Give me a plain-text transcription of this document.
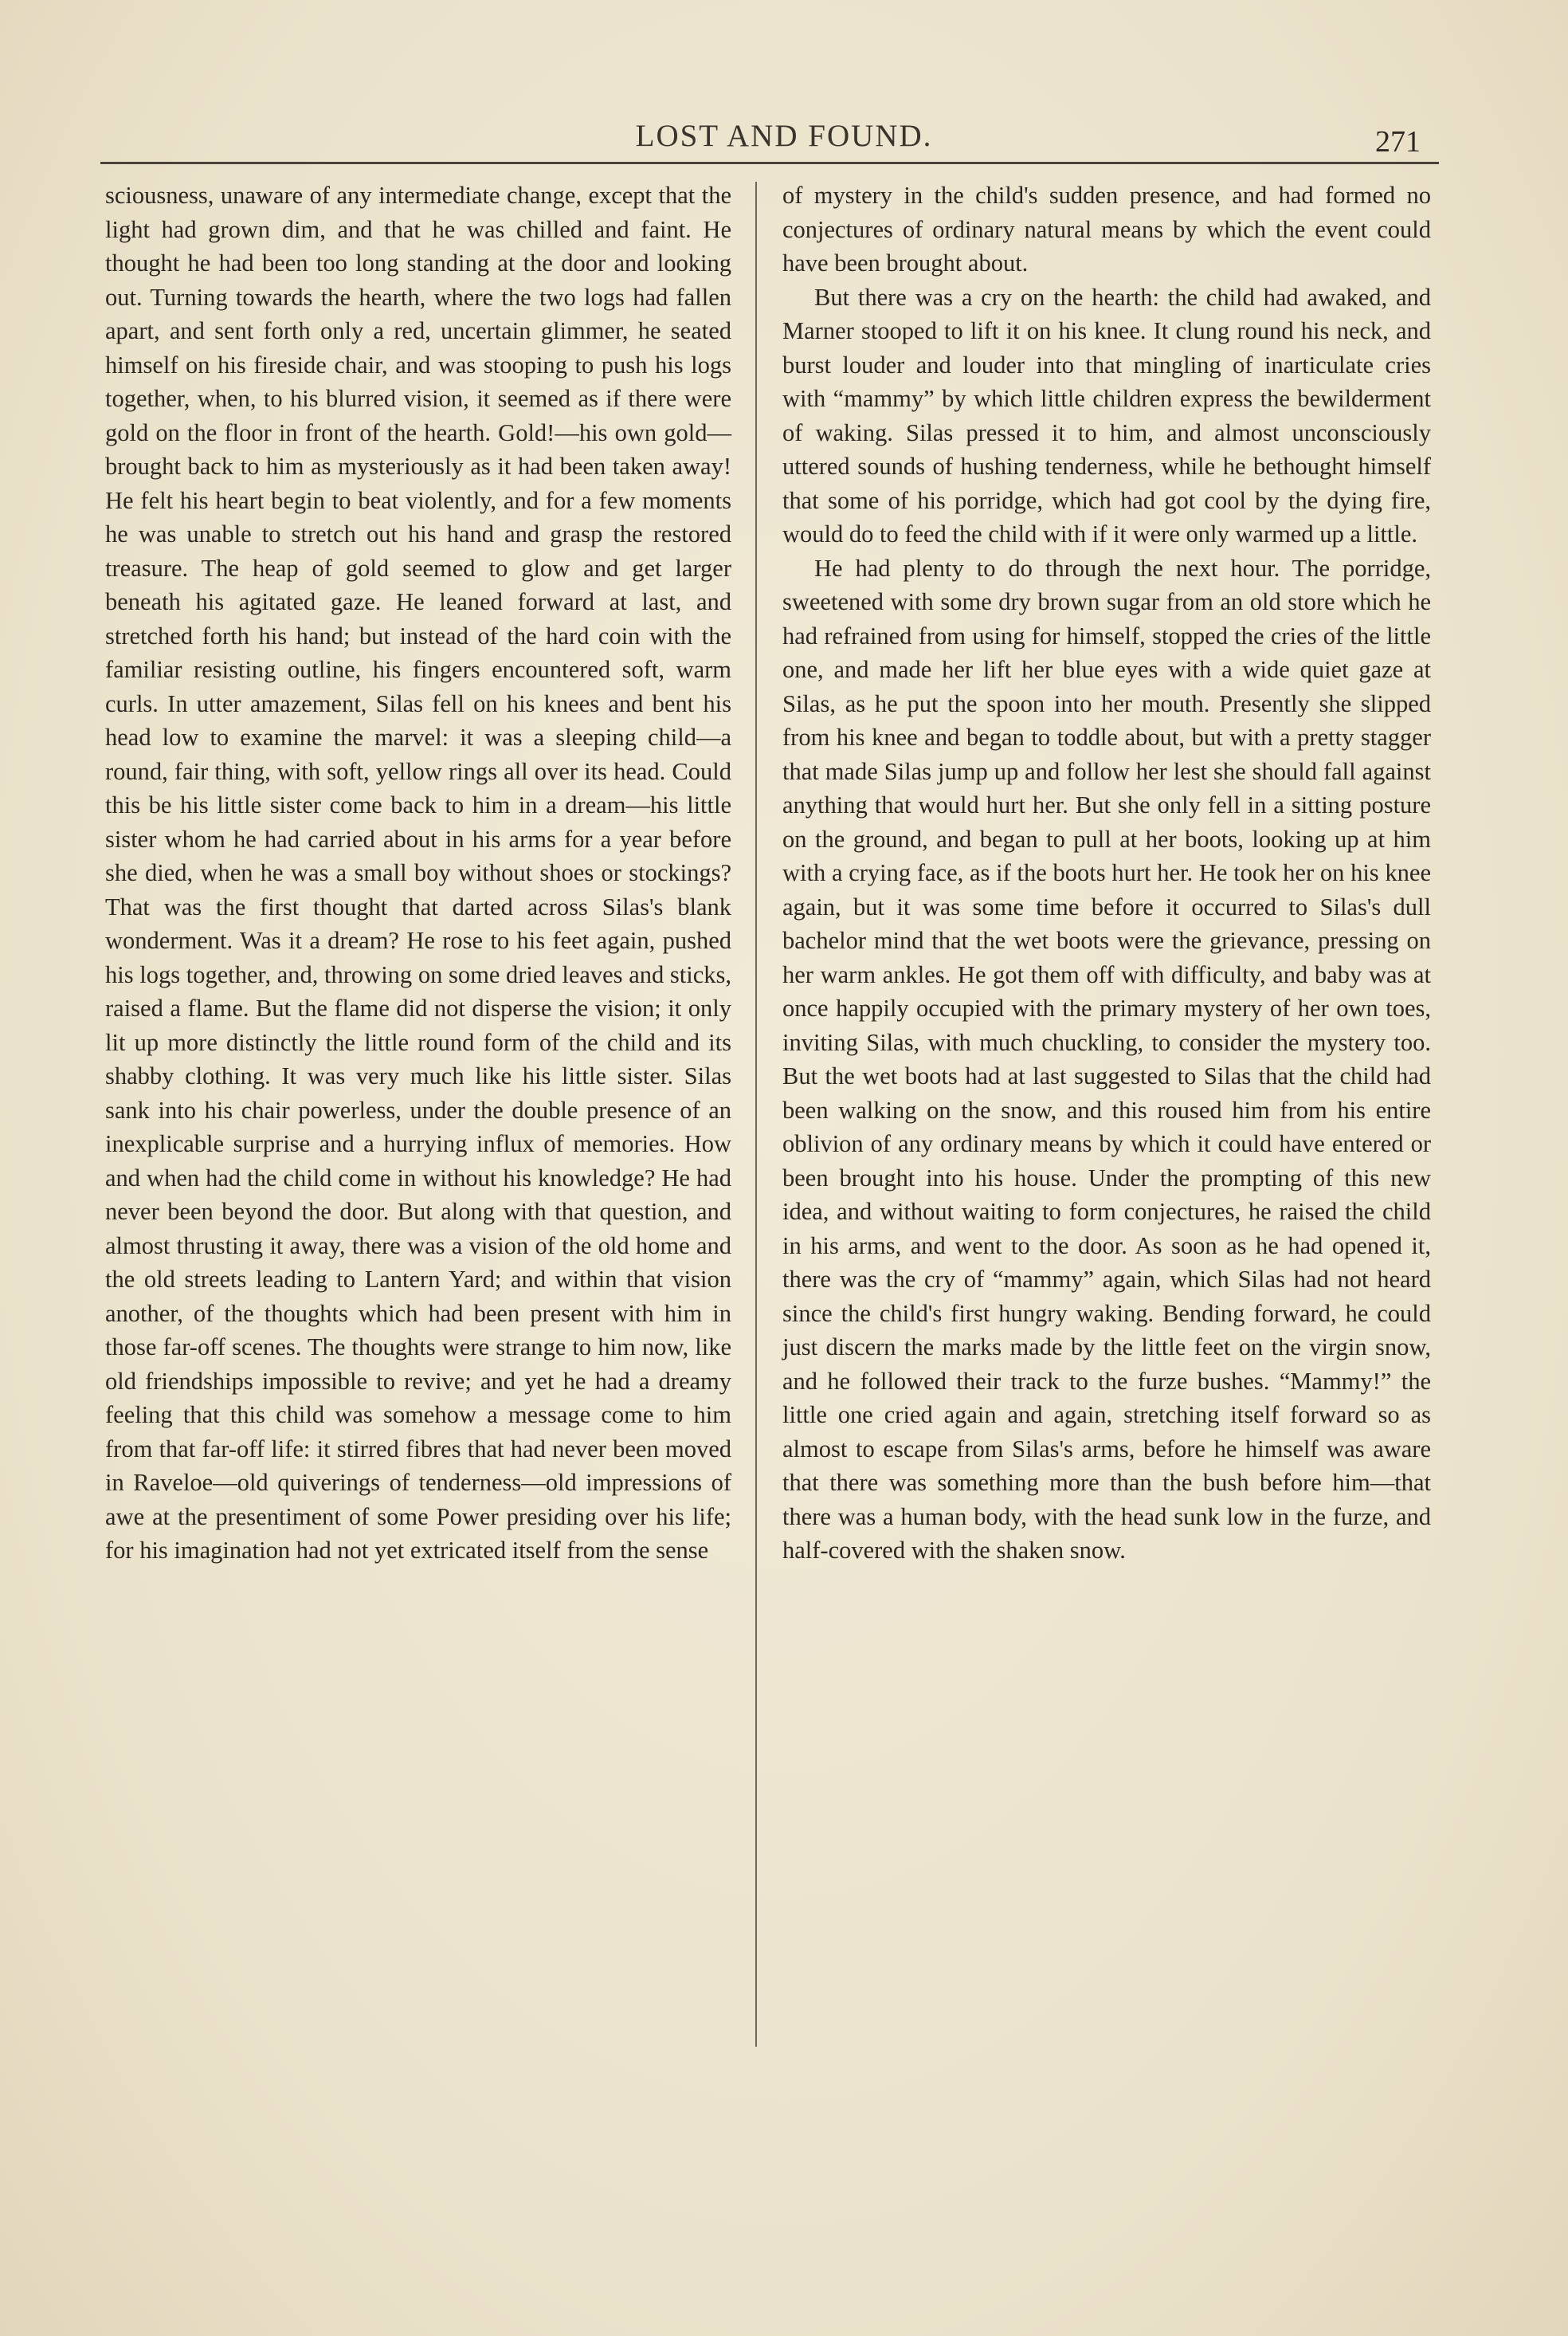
LOST AND FOUND.	271

sciousness, unaware of any intermediate change, except that the light had grown dim, and that he was chilled and faint. He thought he had been too long standing at the door and looking out. Turning towards the hearth, where the two logs had fallen apart, and sent forth only a red, uncertain glimmer, he seated himself on his fireside chair, and was stooping to push his logs together, when, to his blurred vision, it seemed as if there were gold on the floor in front of the hearth. Gold!—his own gold—brought back to him as mysteriously as it had been taken away! He felt his heart begin to beat violently, and for a few moments he was unable to stretch out his hand and grasp the restored treasure. The heap of gold seemed to glow and get larger beneath his agitated gaze. He leaned forward at last, and stretched forth his hand; but instead of the hard coin with the familiar resisting outline, his fingers encountered soft, warm curls. In utter amazement, Silas fell on his knees and bent his head low to examine the marvel: it was a sleeping child—a round, fair thing, with soft, yellow rings all over its head. Could this be his little sister come back to him in a dream—his little sister whom he had carried about in his arms for a year before she died, when he was a small boy without shoes or stockings? That was the first thought that darted across Silas's blank wonderment. Was it a dream? He rose to his feet again, pushed his logs together, and, throwing on some dried leaves and sticks, raised a flame. But the flame did not disperse the vision; it only lit up more distinctly the little round form of the child and its shabby clothing. It was very much like his little sister. Silas sank into his chair powerless, under the double presence of an inexplicable surprise and a hurrying influx of memories. How and when had the child come in without his knowledge? He had never been beyond the door. But along with that question, and almost thrusting it away, there was a vision of the old home and the old streets leading to Lantern Yard; and within that vision another, of the thoughts which had been present with him in those far-off scenes. The thoughts were strange to him now, like old friendships impossible to revive; and yet he had a dreamy feeling that this child was somehow a message come to him from that far-off life: it stirred fibres that had never been moved in Raveloe—old quiverings of tenderness—old impressions of awe at the presentiment of some Power presiding over his life; for his imagination had not yet extricated itself from the sense

of mystery in the child's sudden presence, and had formed no conjectures of ordinary natural means by which the event could have been brought about.

But there was a cry on the hearth: the child had awaked, and Marner stooped to lift it on his knee. It clung round his neck, and burst louder and louder into that mingling of inarticulate cries with “mammy” by which little children express the bewilderment of waking. Silas pressed it to him, and almost unconsciously uttered sounds of hushing tenderness, while he bethought himself that some of his porridge, which had got cool by the dying fire, would do to feed the child with if it were only warmed up a little.

He had plenty to do through the next hour. The porridge, sweetened with some dry brown sugar from an old store which he had refrained from using for himself, stopped the cries of the little one, and made her lift her blue eyes with a wide quiet gaze at Silas, as he put the spoon into her mouth. Presently she slipped from his knee and began to toddle about, but with a pretty stagger that made Silas jump up and follow her lest she should fall against anything that would hurt her. But she only fell in a sitting posture on the ground, and began to pull at her boots, looking up at him with a crying face, as if the boots hurt her. He took her on his knee again, but it was some time before it occurred to Silas's dull bachelor mind that the wet boots were the grievance, pressing on her warm ankles. He got them off with difficulty, and baby was at once happily occupied with the primary mystery of her own toes, inviting Silas, with much chuckling, to consider the mystery too. But the wet boots had at last suggested to Silas that the child had been walking on the snow, and this roused him from his entire oblivion of any ordinary means by which it could have entered or been brought into his house. Under the prompting of this new idea, and without waiting to form conjectures, he raised the child in his arms, and went to the door. As soon as he had opened it, there was the cry of “mammy” again, which Silas had not heard since the child's first hungry waking. Bending forward, he could just discern the marks made by the little feet on the virgin snow, and he followed their track to the furze bushes. “Mammy!” the little one cried again and again, stretching itself forward so as almost to escape from Silas's arms, before he himself was aware that there was something more than the bush before him—that there was a human body, with the head sunk low in the furze, and half-covered with the shaken snow.
